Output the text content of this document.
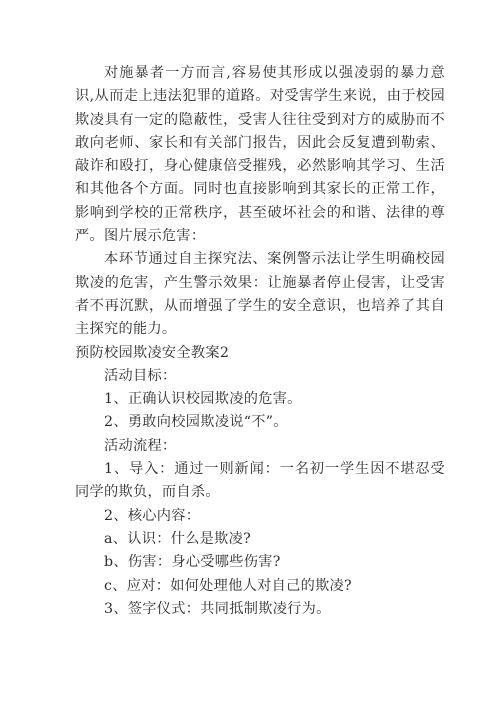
对施暴者一方而言,容易使其形成以强凌弱的暴力意识,从而走上违法犯罪的道路。对受害学生来说，由于校园欺凌具有一定的隐蔽性，受害人往往受到对方的威胁而不敢向老师、家长和有关部门报告，因此会反复遭到勒索、敲诈和殴打，身心健康倍受摧残，必然影响其学习、生活和其他各个方面。同时也直接影响到其家长的正常工作，影响到学校的正常秩序，甚至破坏社会的和谐、法律的尊严。图片展示危害：

本环节通过自主探究法、案例警示法让学生明确校园欺凌的危害，产生警示效果：让施暴者停止侵害，让受害者不再沉默，从而增强了学生的安全意识，也培养了其自主探究的能力。

预防校园欺凌安全教案2

活动目标：

1、正确认识校园欺凌的危害。

2、勇敢向校园欺凌说“不”。

活动流程：

1、导入：通过一则新闻：一名初一学生因不堪忍受同学的欺负，而自杀。

2、核心内容：

a、认识：什么是欺凌?

b、伤害：身心受哪些伤害?

c、应对：如何处理他人对自己的欺凌?

3、签字仪式：共同抵制欺凌行为。
